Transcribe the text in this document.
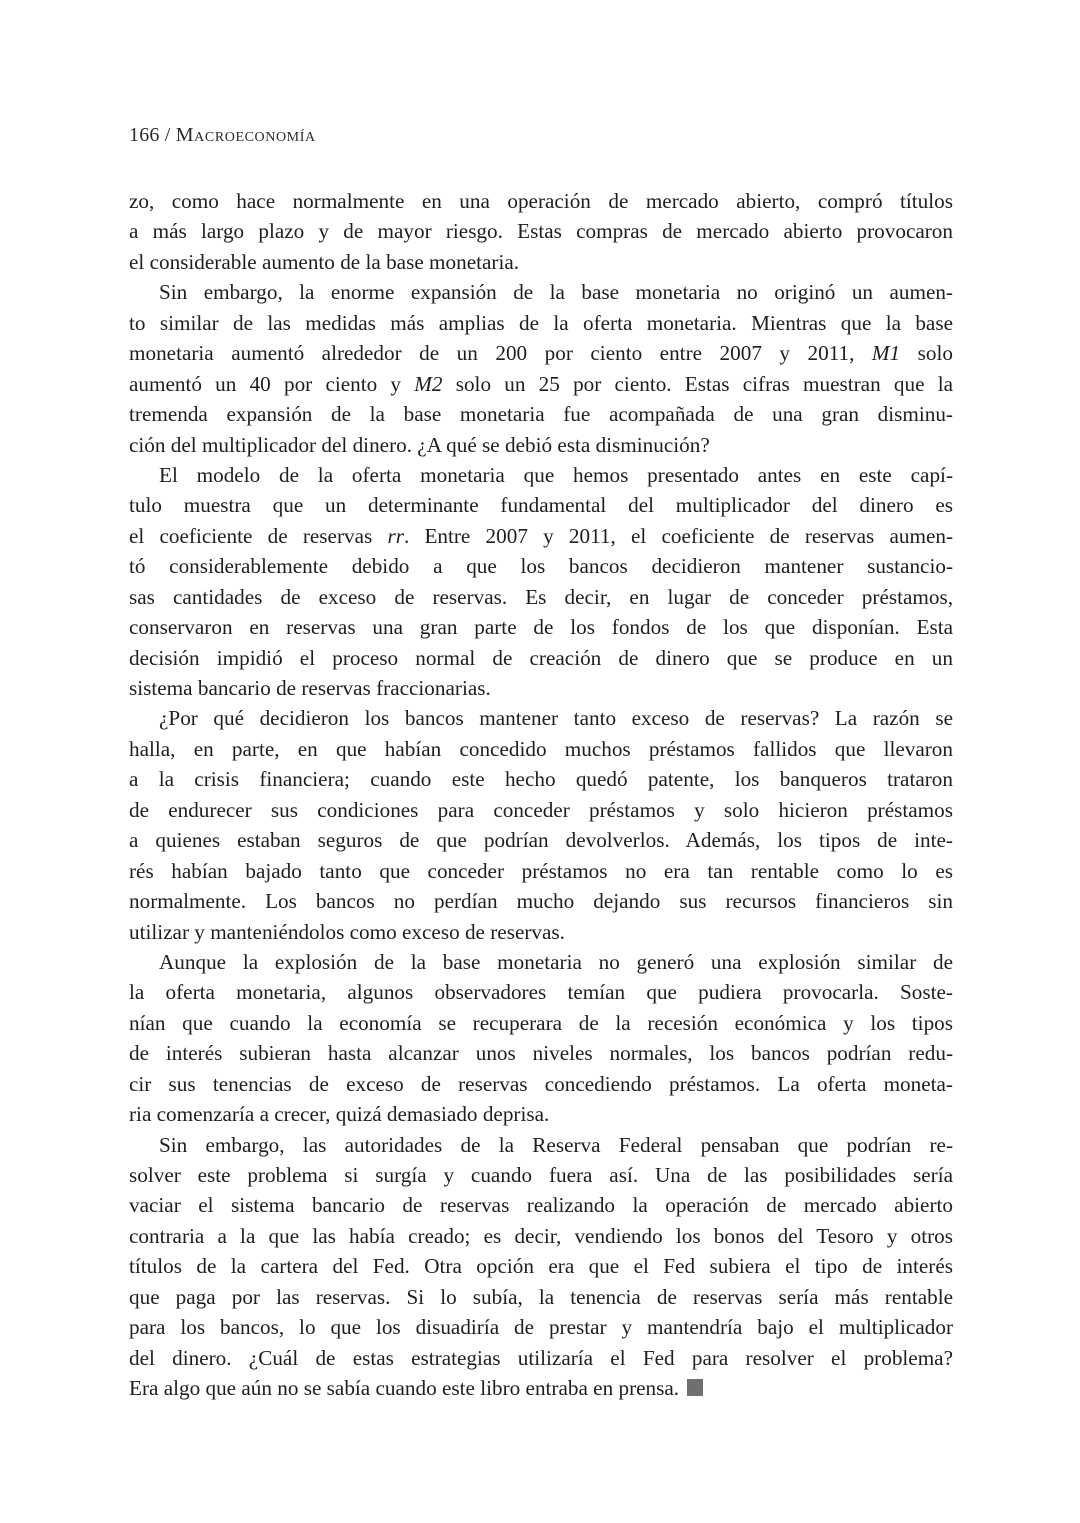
166 / Macroeconomía
zo, como hace normalmente en una operación de mercado abierto, compró títulos
a más largo plazo y de mayor riesgo. Estas compras de mercado abierto provocaron
el considerable aumento de la base monetaria.
Sin embargo, la enorme expansión de la base monetaria no originó un aumen-
to similar de las medidas más amplias de la oferta monetaria. Mientras que la base
monetaria aumentó alrededor de un 200 por ciento entre 2007 y 2011, M1 solo
aumentó un 40 por ciento y M2 solo un 25 por ciento. Estas cifras muestran que la
tremenda expansión de la base monetaria fue acompañada de una gran disminu-
ción del multiplicador del dinero. ¿A qué se debió esta disminución?
El modelo de la oferta monetaria que hemos presentado antes en este capí-
tulo muestra que un determinante fundamental del multiplicador del dinero es
el coeficiente de reservas rr. Entre 2007 y 2011, el coeficiente de reservas aumen-
tó considerablemente debido a que los bancos decidieron mantener sustancio-
sas cantidades de exceso de reservas. Es decir, en lugar de conceder préstamos,
conservaron en reservas una gran parte de los fondos de los que disponían. Esta
decisión impidió el proceso normal de creación de dinero que se produce en un
sistema bancario de reservas fraccionarias.
¿Por qué decidieron los bancos mantener tanto exceso de reservas? La razón se
halla, en parte, en que habían concedido muchos préstamos fallidos que llevaron
a la crisis financiera; cuando este hecho quedó patente, los banqueros trataron
de endurecer sus condiciones para conceder préstamos y solo hicieron préstamos
a quienes estaban seguros de que podrían devolverlos. Además, los tipos de inte-
rés habían bajado tanto que conceder préstamos no era tan rentable como lo es
normalmente. Los bancos no perdían mucho dejando sus recursos financieros sin
utilizar y manteniéndolos como exceso de reservas.
Aunque la explosión de la base monetaria no generó una explosión similar de
la oferta monetaria, algunos observadores temían que pudiera provocarla. Soste-
nían que cuando la economía se recuperara de la recesión económica y los tipos
de interés subieran hasta alcanzar unos niveles normales, los bancos podrían redu-
cir sus tenencias de exceso de reservas concediendo préstamos. La oferta moneta-
ria comenzaría a crecer, quizá demasiado deprisa.
Sin embargo, las autoridades de la Reserva Federal pensaban que podrían re-
solver este problema si surgía y cuando fuera así. Una de las posibilidades sería
vaciar el sistema bancario de reservas realizando la operación de mercado abierto
contraria a la que las había creado; es decir, vendiendo los bonos del Tesoro y otros
títulos de la cartera del Fed. Otra opción era que el Fed subiera el tipo de interés
que paga por las reservas. Si lo subía, la tenencia de reservas sería más rentable
para los bancos, lo que los disuadiría de prestar y mantendría bajo el multiplicador
del dinero. ¿Cuál de estas estrategias utilizaría el Fed para resolver el problema?
Era algo que aún no se sabía cuando este libro entraba en prensa.
